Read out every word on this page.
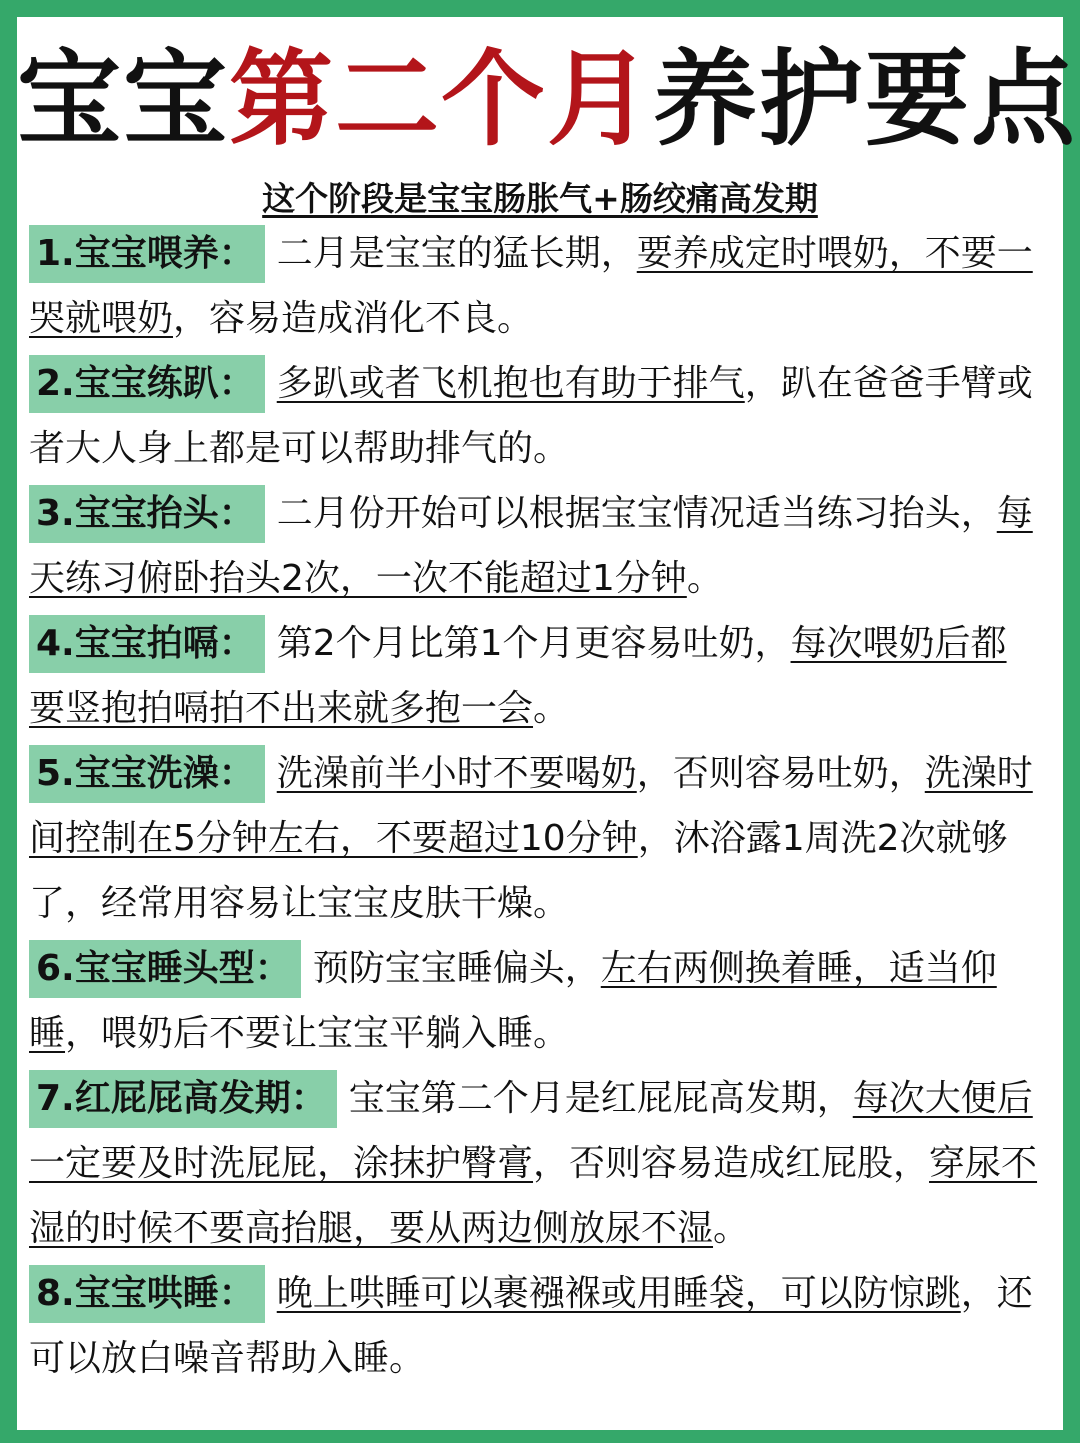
宝宝第二个月养护要点
这个阶段是宝宝肠胀气+肠绞痛高发期
1.宝宝喂养： 二月是宝宝的猛长期，要养成定时喂奶，不要一哭就喂奶，容易造成消化不良。
2.宝宝练趴： 多趴或者飞机抱也有助于排气，趴在爸爸手臂或者大人身上都是可以帮助排气的。
3.宝宝抬头： 二月份开始可以根据宝宝情况适当练习抬头，每天练习俯卧抬头2次，一次不能超过1分钟。
4.宝宝拍嗝： 第2个月比第1个月更容易吐奶，每次喂奶后都要竖抱拍嗝拍不出来就多抱一会。
5.宝宝洗澡： 洗澡前半小时不要喝奶，否则容易吐奶，洗澡时间控制在5分钟左右，不要超过10分钟，沐浴露1周洗2次就够了，经常用容易让宝宝皮肤干燥。
6.宝宝睡头型： 预防宝宝睡偏头，左右两侧换着睡，适当仰睡，喂奶后不要让宝宝平躺入睡。
7.红屁屁高发期： 宝宝第二个月是红屁屁高发期，每次大便后一定要及时洗屁屁，涂抹护臀膏，否则容易造成红屁股，穿尿不湿的时候不要高抬腿，要从两边侧放尿不湿。
8.宝宝哄睡： 晚上哄睡可以裹襁褓或用睡袋，可以防惊跳，还可以放白噪音帮助入睡。
